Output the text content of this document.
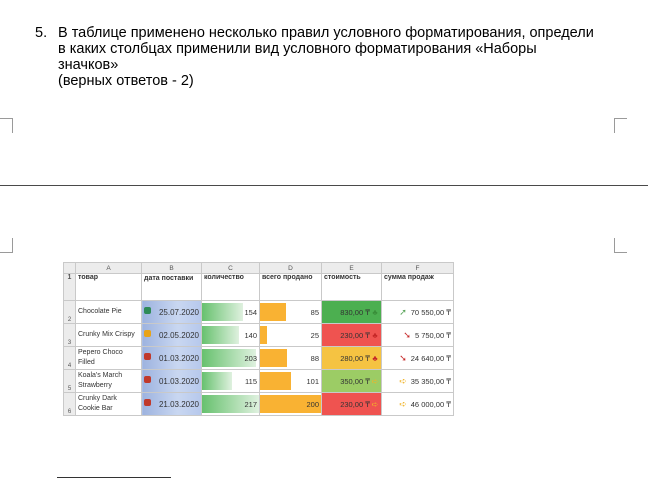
5. В таблице применено несколько правил условного форматирования, определи
в каких столбцах применили вид условного форматирования «Наборы
значков»
(верных ответов - 2)
	A	B	C	D	E	F
1	товар	дата поставки	количество	всего продано	стоимость	сумма продаж
2	Chocolate Pie	25.07.2020	154	85	830,00 ₸ ♣	➚ 70 550,00 ₸
3	Crunky Mix Crispy	02.05.2020	140	25	230,00 ₸ ♣	➘ 5 750,00 ₸
4	Pepero Choco Filled	01.03.2020	203	88	280,00 ₸ ♣	➘ 24 640,00 ₸
5	Koala's March Strawberry	01.03.2020	115	101	350,00 ₸ ➪	➪ 35 350,00 ₸
6	Crunky Dark Cookie Bar	21.03.2020	217	200	230,00 ₸ ➪	➪ 46 000,00 ₸
